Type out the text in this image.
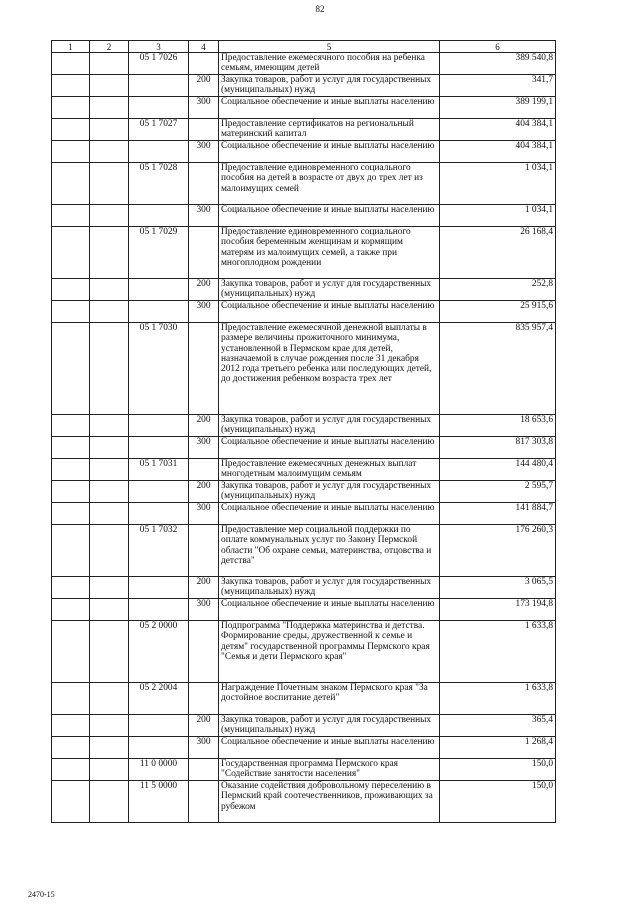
82
1	2	3	4	5	6
		05 1 7026		Предоставление ежемесячного пособия на ребенка семьям, имеющим детей	389 540,8
			200	Закупка товаров, работ и услуг для государственных (муниципальных) нужд	341,7
			300	Социальное обеспечение и иные выплаты населению	389 199,1
		05 1 7027		Предоставление сертификатов на региональный материнский капитал	404 384,1
			300	Социальное обеспечение и иные выплаты населению	404 384,1
		05 1 7028		Предоставление единовременного социального пособия на детей в возрасте от двух до трех лет из малоимущих семей	1 034,1
			300	Социальное обеспечение и иные выплаты населению	1 034,1
		05 1 7029		Предоставление единовременного социального пособия беременным женщинам и кормящим матерям из малоимущих семей, а также при многоплодном рождении	26 168,4
			200	Закупка товаров, работ и услуг для государственных (муниципальных) нужд	252,8
			300	Социальное обеспечение и иные выплаты населению	25 915,6
		05 1 7030		Предоставление ежемесячной денежной выплаты в размере величины прожиточного минимума, установленной в Пермском крае для детей, назначаемой в случае рождения после 31 декабря 2012 года третьего ребенка или последующих детей, до достижения ребенком возраста трех лет	835 957,4
			200	Закупка товаров, работ и услуг для государственных (муниципальных) нужд	18 653,6
			300	Социальное обеспечение и иные выплаты населению	817 303,8
		05 1 7031		Предоставление ежемесячных денежных выплат многодетным малоимущим семьям	144 480,4
			200	Закупка товаров, работ и услуг для государственных (муниципальных) нужд	2 595,7
			300	Социальное обеспечение и иные выплаты населению	141 884,7
		05 1 7032		Предоставление мер социальной поддержки по оплате коммунальных услуг по Закону Пермской области "Об охране семьи, материнства, отцовства и детства"	176 260,3
			200	Закупка товаров, работ и услуг для государственных (муниципальных) нужд	3 065,5
			300	Социальное обеспечение и иные выплаты населению	173 194,8
		05 2 0000		Подпрограмма "Поддержка материнства и детства. Формирование среды, дружественной к семье и детям" государственной программы Пермского края "Семья и дети Пермского края"	1 633,8
		05 2 2004		Награждение Почетным знаком Пермского края "За достойное воспитание детей"	1 633,8
			200	Закупка товаров, работ и услуг для государственных (муниципальных) нужд	365,4
			300	Социальное обеспечение и иные выплаты населению	1 268,4
		11 0 0000		Государственная программа Пермского края "Содействие занятости населения"	150,0
		11 5 0000		Оказание содействия добровольному переселению в Пермский край соотечественников, проживающих за рубежом	150,0
2470-15
